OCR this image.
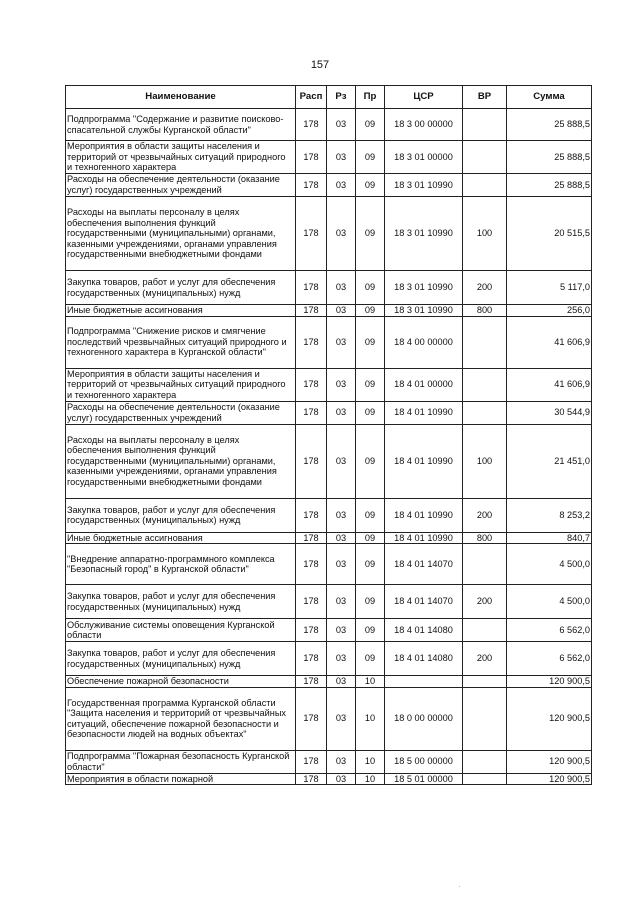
157
Наименование	Расп	Рз	Пр	ЦСР	ВР	Сумма
Подпрограмма "Содержание и развитие поисково-спасательной службы Курганской области"	178	03	09	18 3 00 00000		25 888,5
Мероприятия в области защиты населения и территорий от чрезвычайных ситуаций природного и техногенного характера	178	03	09	18 3 01 00000		25 888,5
Расходы на обеспечение деятельности (оказание услуг) государственных учреждений	178	03	09	18 3 01 10990		25 888,5
Расходы на выплаты персоналу в целях обеспечения выполнения функций государственными (муниципальными) органами, казенными учреждениями, органами управления государственными внебюджетными фондами	178	03	09	18 3 01 10990	100	20 515,5
Закупка товаров, работ и услуг для обеспечения государственных (муниципальных) нужд	178	03	09	18 3 01 10990	200	5 117,0
Иные бюджетные ассигнования	178	03	09	18 3 01 10990	800	256,0
Подпрограмма "Снижение рисков и смягчение последствий чрезвычайных ситуаций природного и техногенного характера в Курганской области"	178	03	09	18 4 00 00000		41 606,9
Мероприятия в области защиты населения и территорий от чрезвычайных ситуаций природного и техногенного характера	178	03	09	18 4 01 00000		41 606,9
Расходы на обеспечение деятельности (оказание услуг) государственных учреждений	178	03	09	18 4 01 10990		30 544,9
Расходы на выплаты персоналу в целях обеспечения выполнения функций государственными (муниципальными) органами, казенными учреждениями, органами управления государственными внебюджетными фондами	178	03	09	18 4 01 10990	100	21 451,0
Закупка товаров, работ и услуг для обеспечения государственных (муниципальных) нужд	178	03	09	18 4 01 10990	200	8 253,2
Иные бюджетные ассигнования	178	03	09	18 4 01 10990	800	840,7
"Внедрение аппаратно-программного комплекса "Безопасный город" в Курганской области"	178	03	09	18 4 01 14070		4 500,0
Закупка товаров, работ и услуг для обеспечения государственных (муниципальных) нужд	178	03	09	18 4 01 14070	200	4 500,0
Обслуживание системы оповещения Курганской области	178	03	09	18 4 01 14080		6 562,0
Закупка товаров, работ и услуг для обеспечения государственных (муниципальных) нужд	178	03	09	18 4 01 14080	200	6 562,0
Обеспечение пожарной безопасности	178	03	10			120 900,5
Государственная программа Курганской области "Защита населения и территорий от чрезвычайных ситуаций, обеспечение пожарной безопасности и безопасности людей на водных объектах"	178	03	10	18 0 00 00000		120 900,5
Подпрограмма "Пожарная безопасность Курганской области"	178	03	10	18 5 00 00000		120 900,5
Мероприятия в области пожарной	178	03	10	18 5 01 00000		120 900,5
·
